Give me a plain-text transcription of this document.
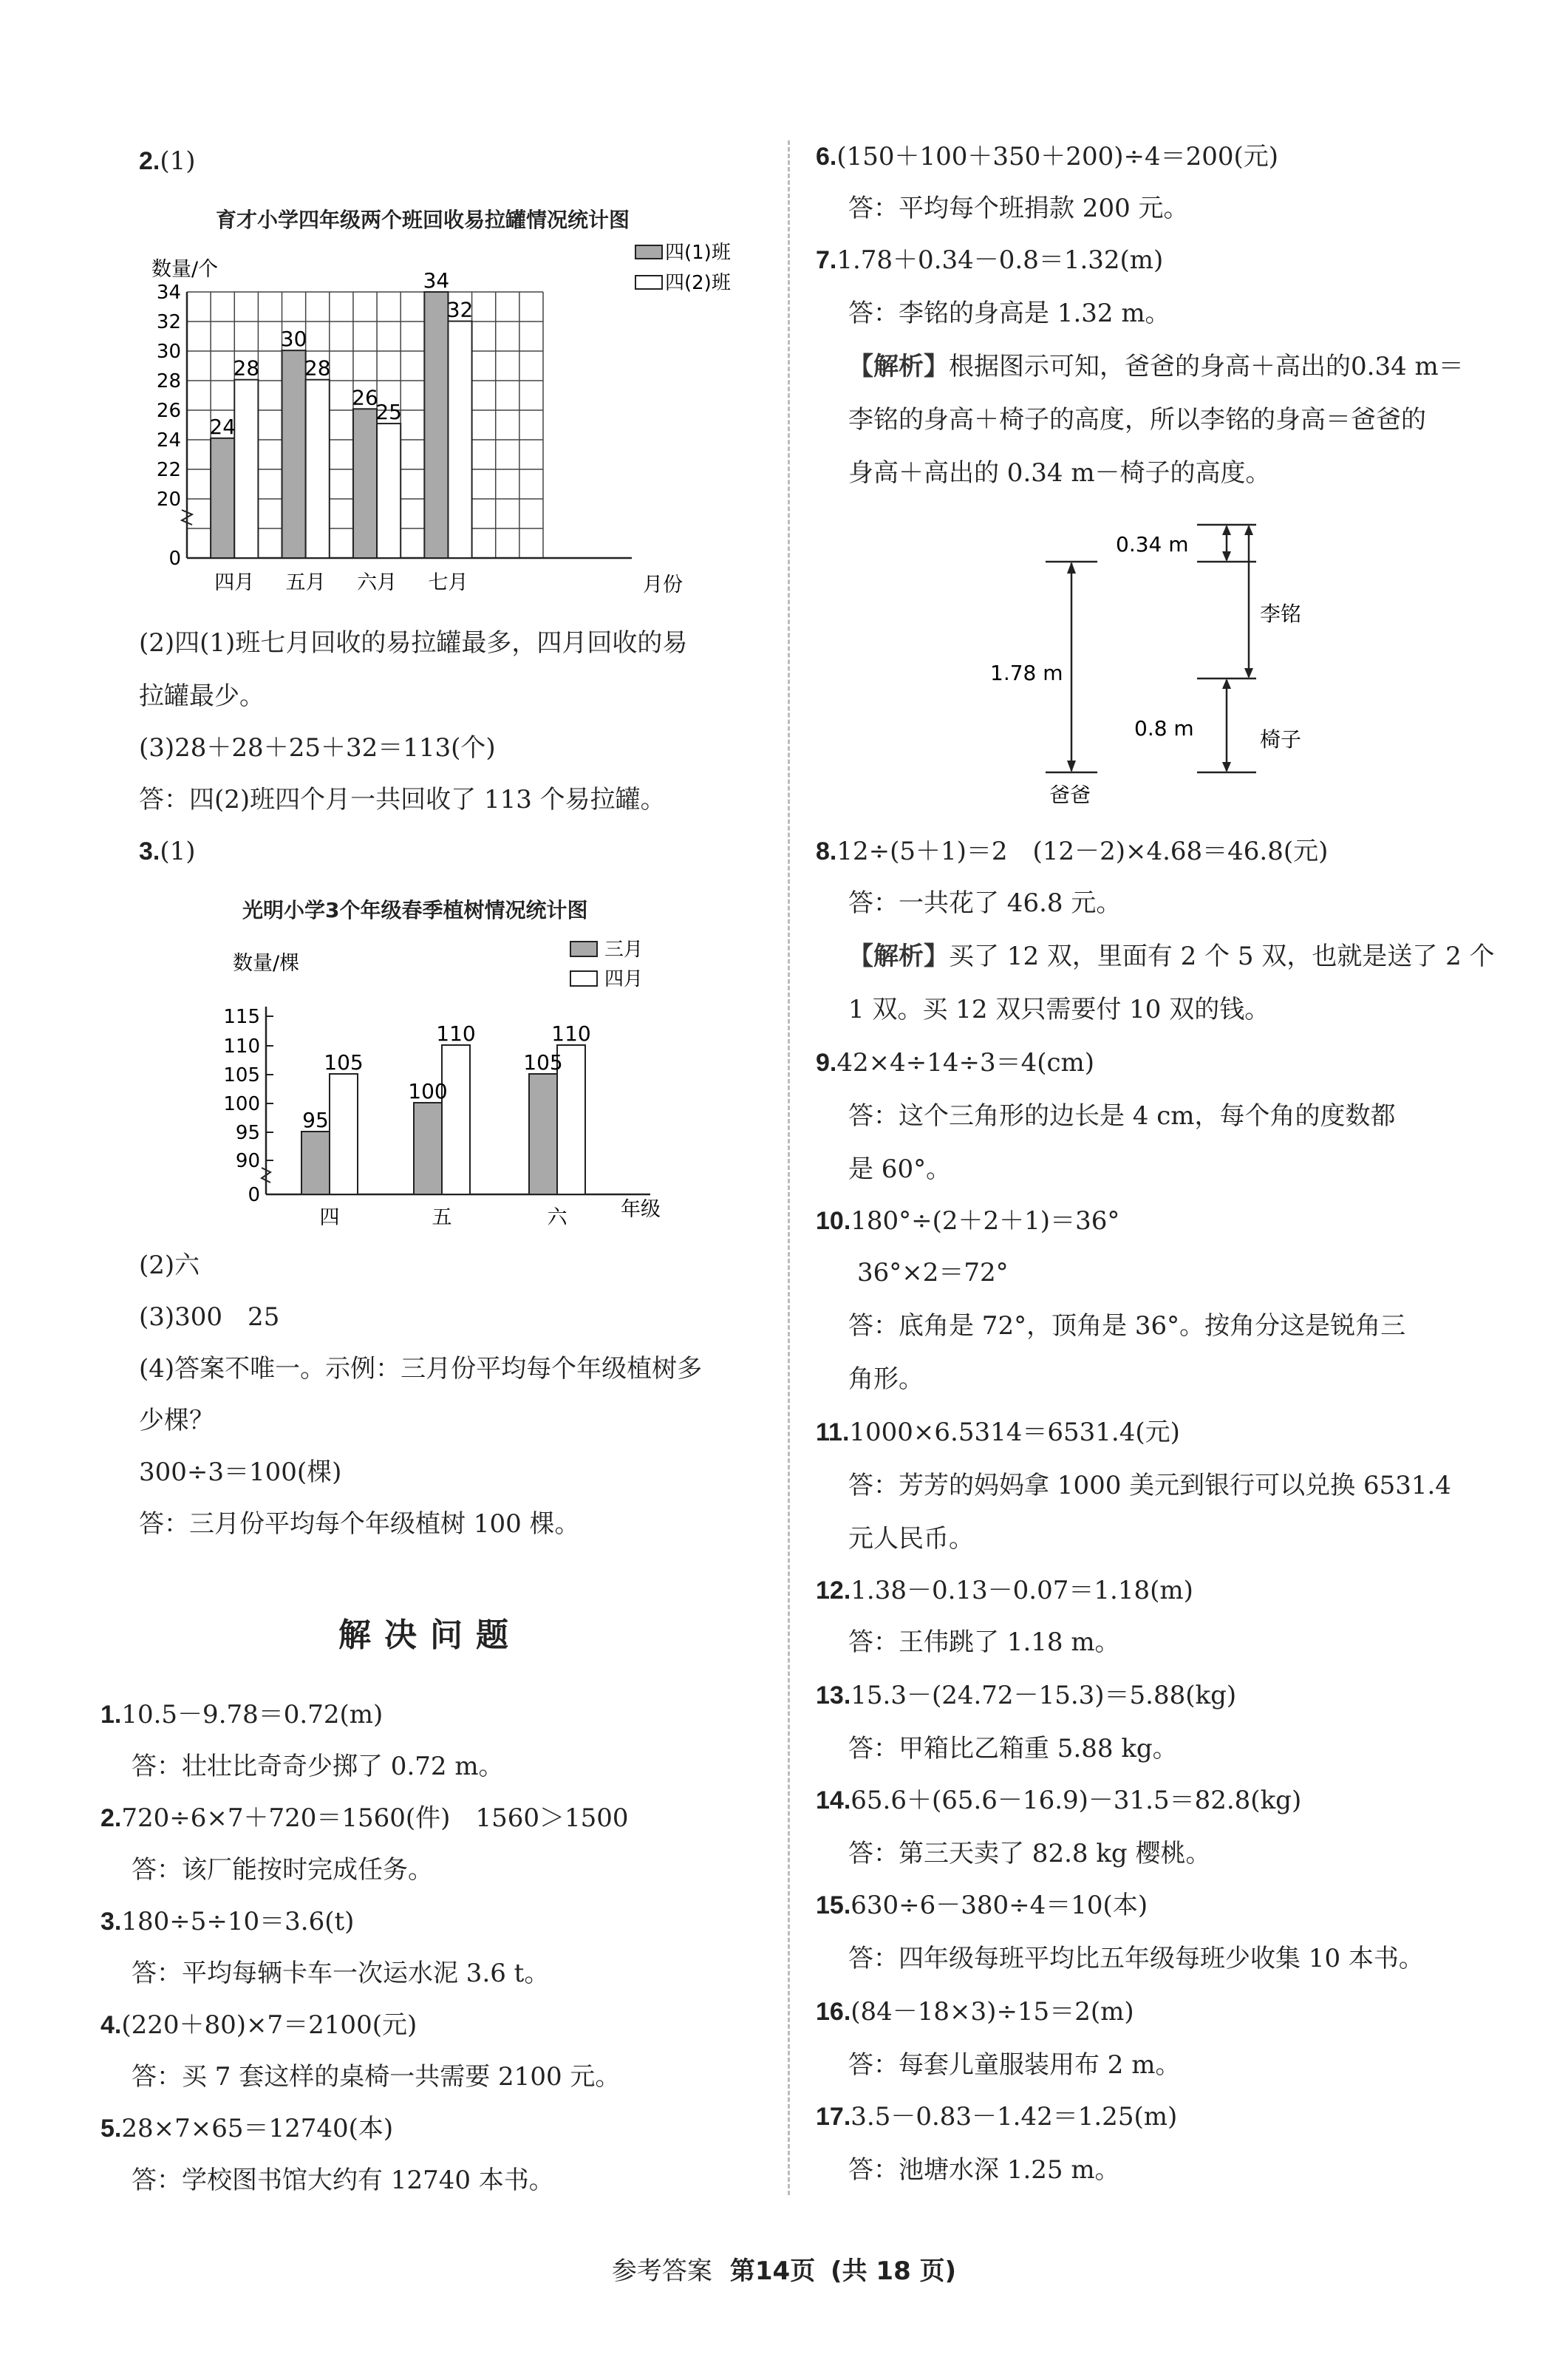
2.(1)
育才小学四年级两个班回收易拉罐情况统计图
34
32
30
28
26
24
22
20
0
24
28
四月
30
28
五月
26
25
六月
34
32
七月
数量/个
月份
四(1)班
四(2)班
(2)四(1)班七月回收的易拉罐最多，四月回收的易
拉罐最少。
(3)28＋28＋25＋32＝113(个)
答：四(2)班四个月一共回收了 113 个易拉罐。
3.(1)
光明小学3个年级春季植树情况统计图
115
110
105
100
95
90
0
95
105
四
100
110
五
105
110
六
数量/棵
年级
三月
四月
(2)六
(3)300　25
(4)答案不唯一。示例：三月份平均每个年级植树多
少棵？
300÷3＝100(棵)
答：三月份平均每个年级植树 100 棵。
解决问题
1.10.5－9.78＝0.72(m)
答：壮壮比奇奇少掷了 0.72 m。
2.720÷6×7＋720＝1560(件)　1560＞1500
答：该厂能按时完成任务。
3.180÷5÷10＝3.6(t)
答：平均每辆卡车一次运水泥 3.6 t。
4.(220＋80)×7＝2100(元)
答：买 7 套这样的桌椅一共需要 2100 元。
5.28×7×65＝12740(本)
答：学校图书馆大约有 12740 本书。
6.(150＋100＋350＋200)÷4＝200(元)
答：平均每个班捐款 200 元。
7.1.78＋0.34－0.8＝1.32(m)
答：李铭的身高是 1.32 m。
【解析】根据图示可知，爸爸的身高＋高出的0.34 m＝
李铭的身高＋椅子的高度，所以李铭的身高＝爸爸的
身高＋高出的 0.34 m－椅子的高度。
1.78 m
爸爸
0.34 m
0.8 m
李铭
椅子
8.12÷(5＋1)＝2　(12－2)×4.68＝46.8(元)
答：一共花了 46.8 元。
【解析】买了 12 双，里面有 2 个 5 双，也就是送了 2 个
1 双。买 12 双只需要付 10 双的钱。
9.42×4÷14÷3＝4(cm)
答：这个三角形的边长是 4 cm，每个角的度数都
是 60°。
10.180°÷(2＋2＋1)＝36°
36°×2＝72°
答：底角是 72°，顶角是 36°。按角分这是锐角三
角形。
11.1000×6.5314＝6531.4(元)
答：芳芳的妈妈拿 1000 美元到银行可以兑换 6531.4
元人民币。
12.1.38－0.13－0.07＝1.18(m)
答：王伟跳了 1.18 m。
13.15.3－(24.72－15.3)＝5.88(kg)
答：甲箱比乙箱重 5.88 kg。
14.65.6＋(65.6－16.9)－31.5＝82.8(kg)
答：第三天卖了 82.8 kg 樱桃。
15.630÷6－380÷4＝10(本)
答：四年级每班平均比五年级每班少收集 10 本书。
16.(84－18×3)÷15＝2(m)
答：每套儿童服装用布 2 m。
17.3.5－0.83－1.42＝1.25(m)
答：池塘水深 1.25 m。
参考答案 第14页 (共 18 页)
